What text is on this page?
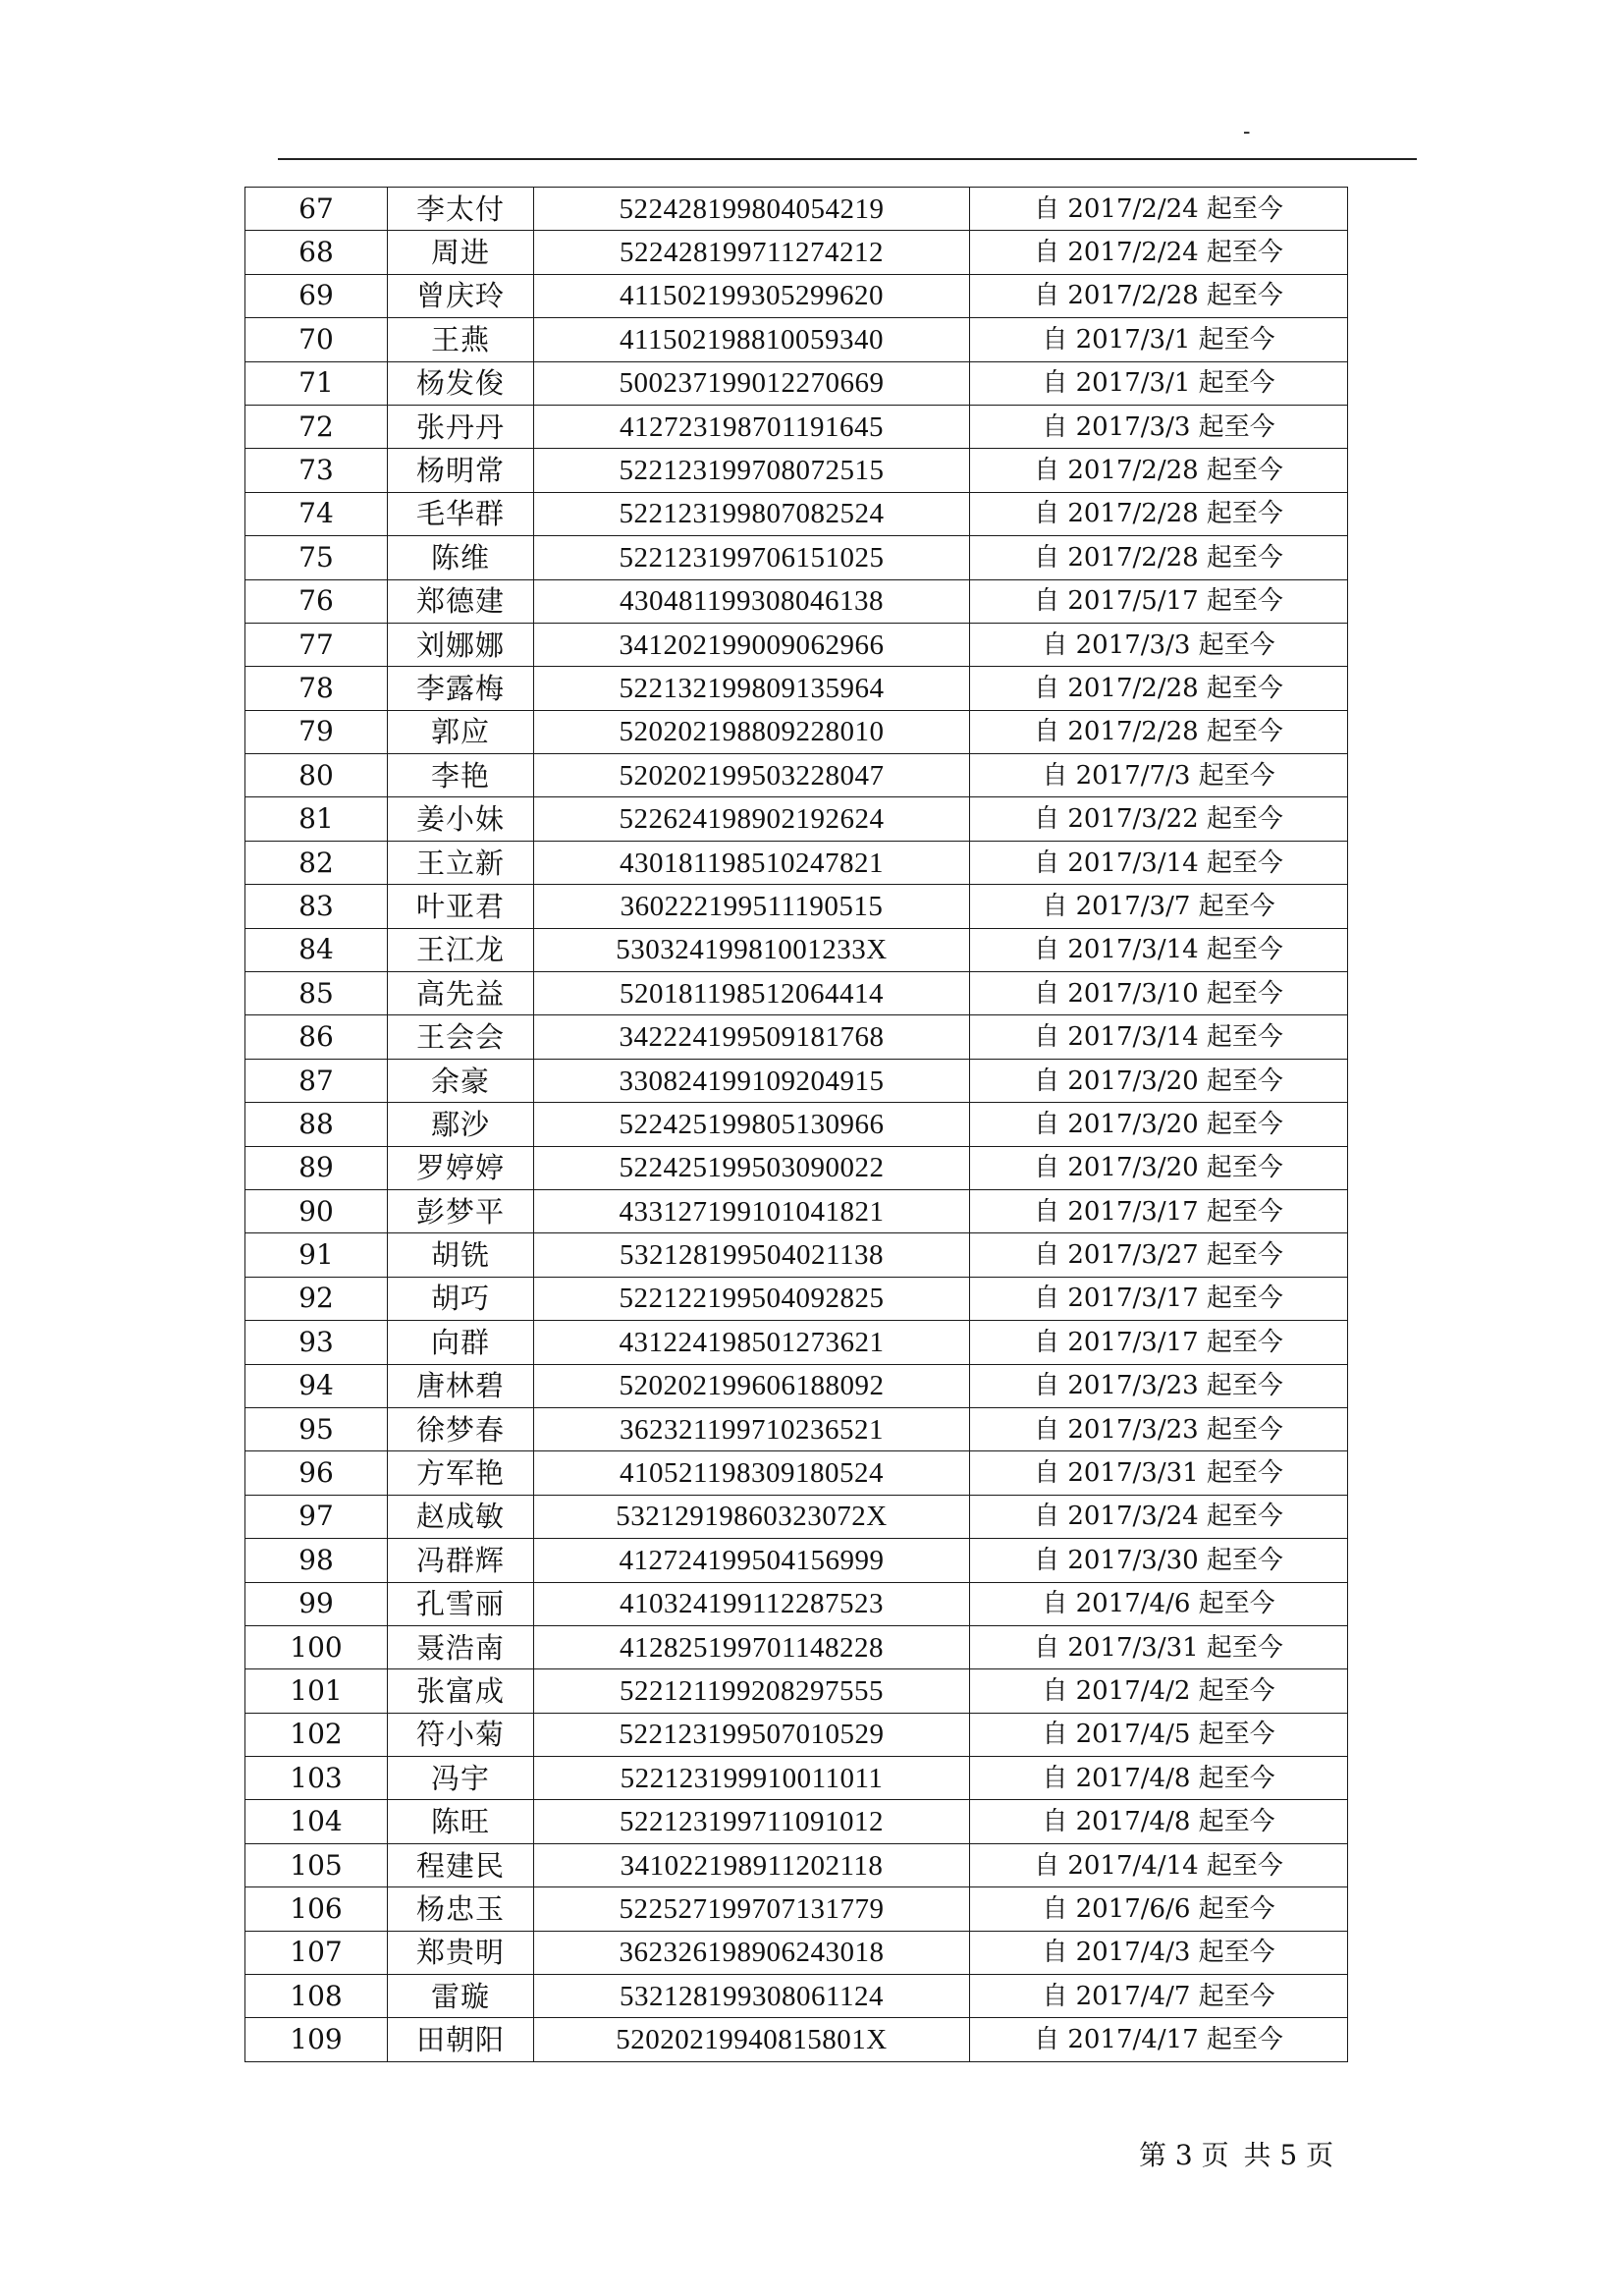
-
67	李太付	522428199804054219	自 2017/2/24 起至今
68	周进	522428199711274212	自 2017/2/24 起至今
69	曾庆玲	411502199305299620	自 2017/2/28 起至今
70	王燕	411502198810059340	自 2017/3/1 起至今
71	杨发俊	500237199012270669	自 2017/3/1 起至今
72	张丹丹	412723198701191645	自 2017/3/3 起至今
73	杨明常	522123199708072515	自 2017/2/28 起至今
74	毛华群	522123199807082524	自 2017/2/28 起至今
75	陈维	522123199706151025	自 2017/2/28 起至今
76	郑德建	430481199308046138	自 2017/5/17 起至今
77	刘娜娜	341202199009062966	自 2017/3/3 起至今
78	李露梅	522132199809135964	自 2017/2/28 起至今
79	郭应	520202198809228010	自 2017/2/28 起至今
80	李艳	520202199503228047	自 2017/7/3 起至今
81	姜小妹	522624198902192624	自 2017/3/22 起至今
82	王立新	430181198510247821	自 2017/3/14 起至今
83	叶亚君	360222199511190515	自 2017/3/7 起至今
84	王江龙	53032419981001233X	自 2017/3/14 起至今
85	高先益	520181198512064414	自 2017/3/10 起至今
86	王会会	342224199509181768	自 2017/3/14 起至今
87	余豪	330824199109204915	自 2017/3/20 起至今
88	鄢沙	522425199805130966	自 2017/3/20 起至今
89	罗婷婷	522425199503090022	自 2017/3/20 起至今
90	彭梦平	433127199101041821	自 2017/3/17 起至今
91	胡铣	532128199504021138	自 2017/3/27 起至今
92	胡巧	522122199504092825	自 2017/3/17 起至今
93	向群	431224198501273621	自 2017/3/17 起至今
94	唐林碧	520202199606188092	自 2017/3/23 起至今
95	徐梦春	362321199710236521	自 2017/3/23 起至今
96	方军艳	410521198309180524	自 2017/3/31 起至今
97	赵成敏	53212919860323072X	自 2017/3/24 起至今
98	冯群辉	412724199504156999	自 2017/3/30 起至今
99	孔雪丽	410324199112287523	自 2017/4/6 起至今
100	聂浩南	412825199701148228	自 2017/3/31 起至今
101	张富成	522121199208297555	自 2017/4/2 起至今
102	符小菊	522123199507010529	自 2017/4/5 起至今
103	冯宇	522123199910011011	自 2017/4/8 起至今
104	陈旺	522123199711091012	自 2017/4/8 起至今
105	程建民	341022198911202118	自 2017/4/14 起至今
106	杨忠玉	522527199707131779	自 2017/6/6 起至今
107	郑贵明	362326198906243018	自 2017/4/3 起至今
108	雷璇	532128199308061124	自 2017/4/7 起至今
109	田朝阳	52020219940815801X	自 2017/4/17 起至今
第 3 页 共 5 页
